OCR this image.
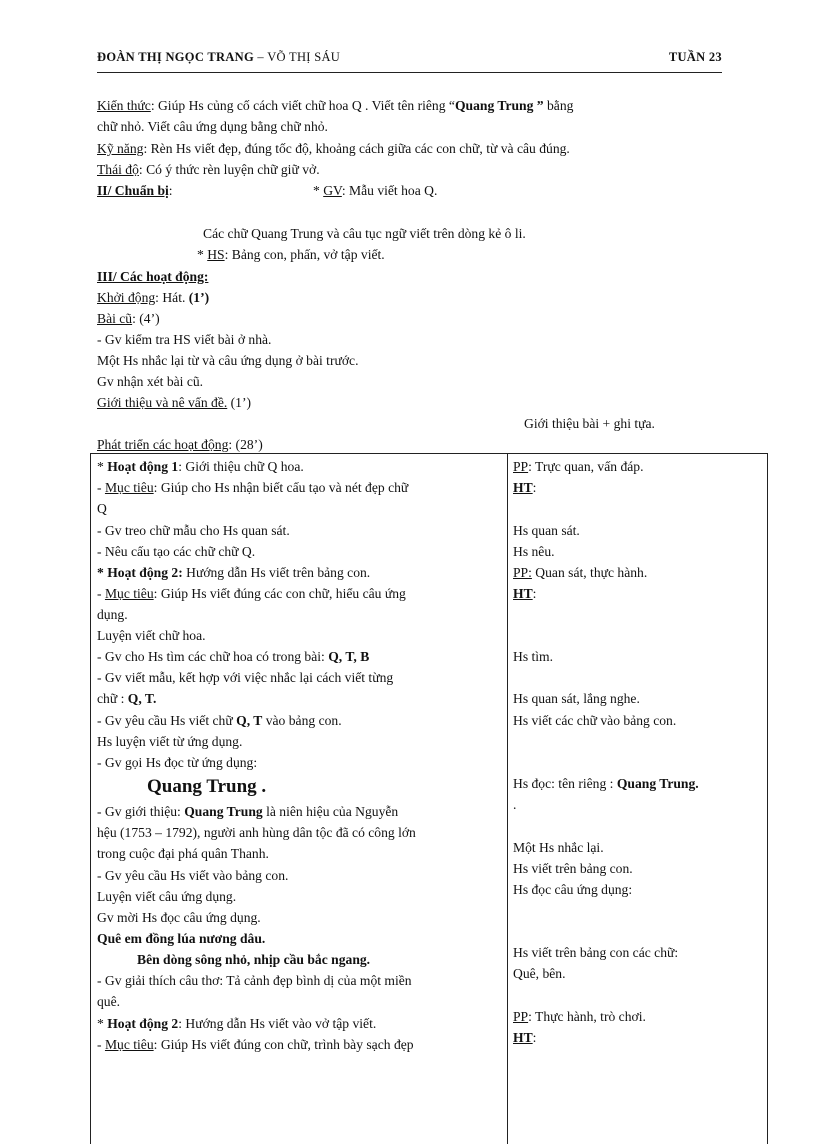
ĐOÀN THỊ NGỌC TRANG – VÕ THỊ SÁU	TUẦN 23
Kiến thức: Giúp Hs củng cố cách viết chữ hoa Q . Viết tên riêng “Quang Trung ” bằng
chữ nhỏ. Viết câu ứng dụng bằng chữ nhỏ.
Kỹ năng: Rèn Hs viết đẹp, đúng tốc độ, khoảng cách giữa các con chữ, từ và câu đúng.
Thái độ: Có ý thức rèn luyện chữ giữ vở.
II/ Chuẩn bị:	* GV: Mẫu viết hoa Q.
Các chữ Quang Trung và câu tục ngữ viết trên dòng kẻ ô li.
* HS: Bảng con, phấn, vở tập viết.
III/ Các hoạt động:
Khởi động: Hát. (1’)
Bài cũ: (4’)
- Gv kiểm tra HS viết bài ở nhà.
Một Hs nhắc lại từ và câu ứng dụng ở bài trước.
Gv nhận xét bài cũ.
Giới thiệu và nê vấn đề. (1’)
Giới thiệu bài + ghi tựa.
Phát triển các hoạt động: (28’)
* Hoạt động 1: Giới thiệu chữ Q hoa.
- Mục tiêu: Giúp cho Hs nhận biết cấu tạo và nét đẹp chữ
Q
- Gv treo chữ mẫu cho Hs quan sát.
- Nêu cấu tạo các chữ chữ Q.
* Hoạt động 2: Hướng dẫn Hs viết trên bảng con.
- Mục tiêu: Giúp Hs viết đúng các con chữ, hiểu câu ứng
dụng.
Luyện viết chữ hoa.
- Gv cho Hs tìm các chữ hoa có trong bài: Q, T, B
- Gv viết mẫu, kết hợp với việc nhắc lại cách viết từng
chữ : Q, T.
- Gv yêu cầu Hs viết chữ Q, T vào bảng con.
Hs luyện viết từ ứng dụng.
- Gv gọi Hs đọc từ ứng dụng:
Quang Trung .
- Gv giới thiệu: Quang Trung là niên hiệu của Nguyễn
hệu (1753 – 1792), người anh hùng dân tộc đã có công lớn
trong cuộc đại phá quân Thanh.
- Gv yêu cầu Hs viết vào bảng con.
Luyện viết câu ứng dụng.
Gv mời Hs đọc câu ứng dụng.
Quê em đồng lúa nương dâu.
Bên dòng sông nhỏ, nhịp cầu bắc ngang.
- Gv giải thích câu thơ: Tả cảnh đẹp bình dị của một miền
quê.
* Hoạt động 2: Hướng dẫn Hs viết vào vở tập viết.
- Mục tiêu: Giúp Hs viết đúng con chữ, trình bày sạch đẹp
PP: Trực quan, vấn đáp.
HT:
Hs quan sát.
Hs nêu.
PP: Quan sát, thực hành.
HT:
Hs tìm.
Hs quan sát, lắng nghe.
Hs viết các chữ vào bảng con.
Hs đọc: tên riêng : Quang Trung.
.
Một Hs nhắc lại.
Hs viết trên bảng con.
Hs đọc câu ứng dụng:
Hs viết trên bảng con các chữ:
Quê, bên.
PP: Thực hành, trò chơi.
HT:
